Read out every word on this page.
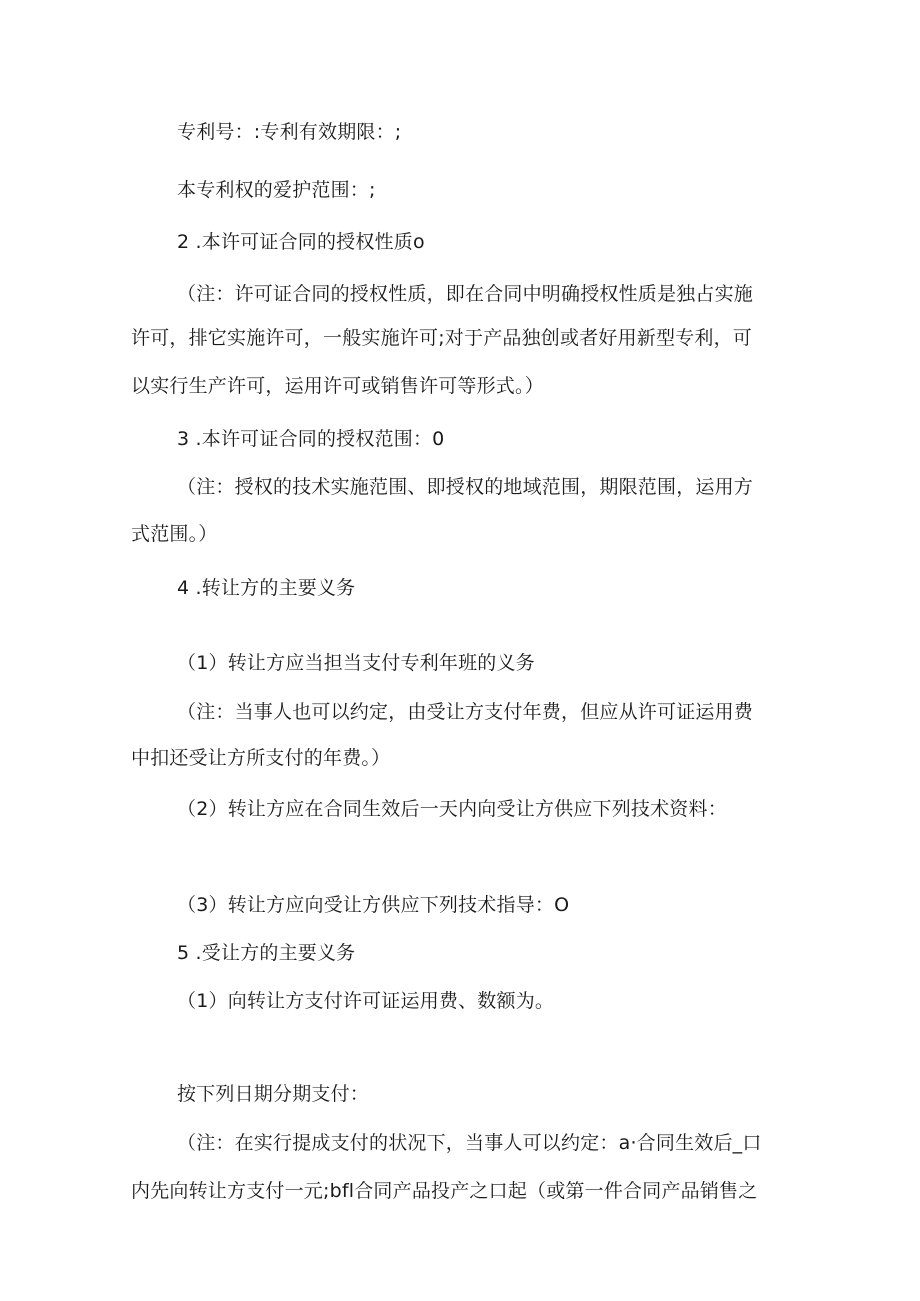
专利号：:专利有效期限：;
本专利权的爱护范围：;
2 .本许可证合同的授权性质o
（注：许可证合同的授权性质，即在合同中明确授权性质是独占实施
许可，排它实施许可，一般实施许可;对于产品独创或者好用新型专利，可
以实行生产许可，运用许可或销售许可等形式。）
3 .本许可证合同的授权范围：0
（注：授权的技术实施范围、即授权的地域范围，期限范围，运用方
式范围。）
4 .转让方的主要义务
（1）转让方应当担当支付专利年班的义务
（注：当事人也可以约定，由受让方支付年费，但应从许可证运用费
中扣还受让方所支付的年费。）
（2）转让方应在合同生效后一天内向受让方供应下列技术资料：
（3）转让方应向受让方供应下列技术指导：O
5 .受让方的主要义务
（1）向转让方支付许可证运用费、数额为。
按下列日期分期支付：
（注：在实行提成支付的状况下，当事人可以约定：a·合同生效后_口
内先向转让方支付一元;bfl合同产品投产之口起（或第一件合同产品销售之
